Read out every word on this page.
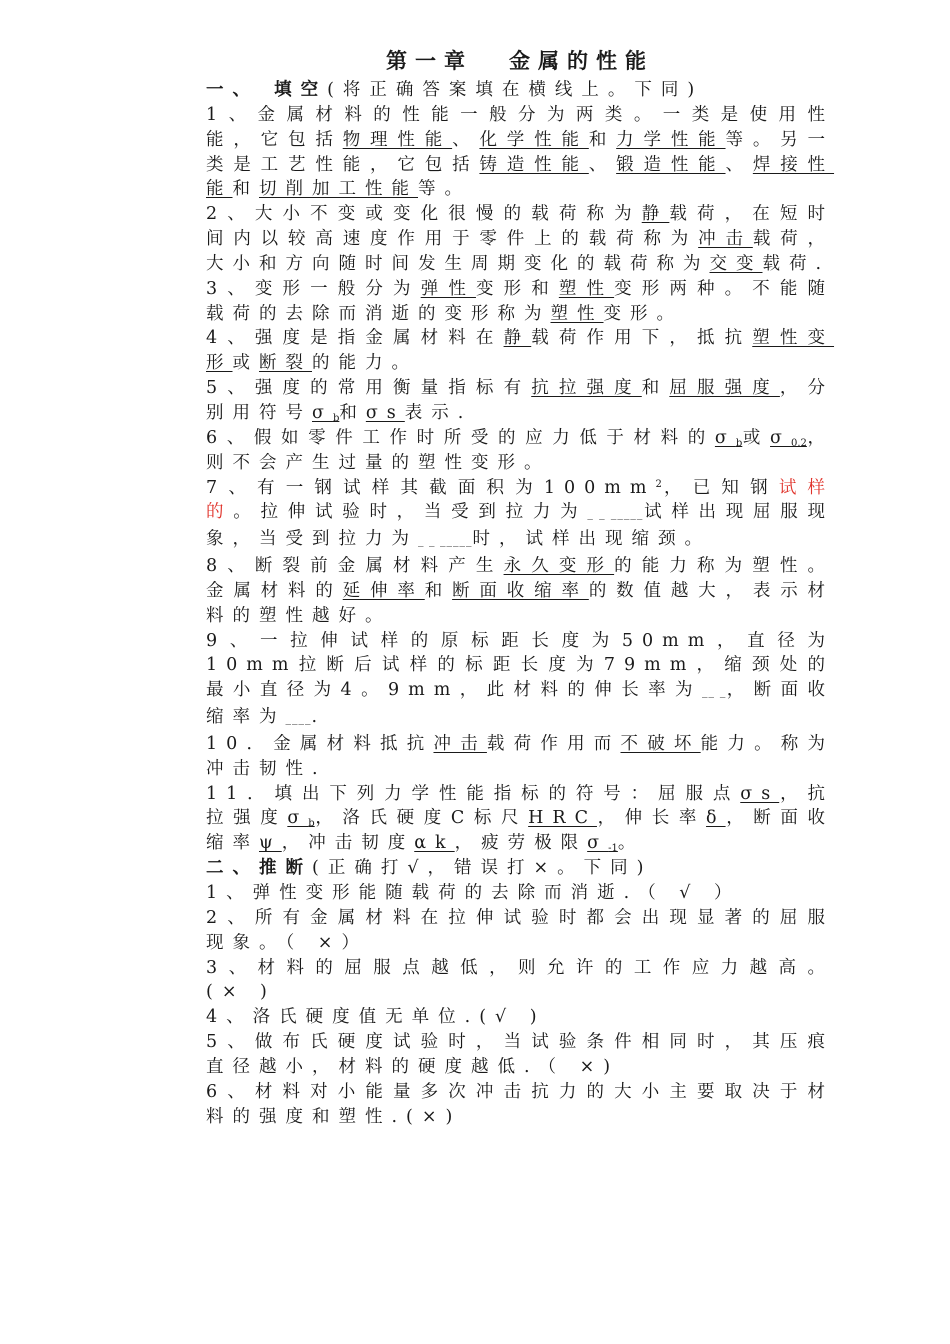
第一章 金属的性能

一、 填空(将正确答案填在横线上。下同)

1、金属材料的性能一般分为两类。一类是使用性能，它包括物理性能、化学性能和力学性能等。另一类是工艺性能，它包括铸造性能、锻造性能、焊接性能和切削加工性能等。

2、大小不变或变化很慢的载荷称为静载荷，在短时间内以较高速度作用于零件上的载荷称为冲击载荷，大小和方向随时间发生周期变化的载荷称为交变载荷.

3、变形一般分为弹性变形和塑性变形两种。不能随载荷的去除而消逝的变形称为塑性变形。

4、强度是指金属材料在静载荷作用下，抵抗塑性变形或断裂的能力。

5、强度的常用衡量指标有抗拉强度和屈服强度，分别用符号$\sigma_b$和σs表示.

6、假如零件工作时所受的应力低于材料的$\sigma_b$或$\sigma_{0.2}$，则不会产生过量的塑性变形。

7、有一钢试样其截面积为$100mm^2$，已知钢试样的。拉伸试验时，当受到拉力为_ _ _____试样出现屈服现象，当受到拉力为_ _ _____时，试样出现缩颈。

8、断裂前金属材料产生永久变形的能力称为塑性。金属材料的延伸率和断面收缩率的数值越大，表示材料的塑性越好。

9、一拉伸试样的原标距长度为50mm，直径为10mm拉断后试样的标距长度为79mm，缩颈处的最小直径为4。9mm，此材料的伸长率为__ _，断面收缩率为____.

10．金属材料抵抗冲击载荷作用而不破坏能力。称为冲击韧性.

11．填出下列力学性能指标的符号：屈服点σs，抗拉强度$\sigma_b$，洛氏硬度C标尺HRC，伸长率δ，断面收缩率ψ，冲击韧度αk，疲劳极限$\sigma_{-1}$。

二、推断(正确打√，错误打×。下同)

1、弹性变形能随载荷的去除而消逝.（ √ ）

2、所有金属材料在拉伸试验时都会出现显著的屈服现象。（ ×）

3、材料的屈服点越低，则允许的工作应力越高。 (× )

4、洛氏硬度值无单位.(√ )

5、做布氏硬度试验时，当试验条件相同时，其压痕直径越小，材料的硬度越低.（ ×)

6、材料对小能量多次冲击抗力的大小主要取决于材料的强度和塑性.(×)
